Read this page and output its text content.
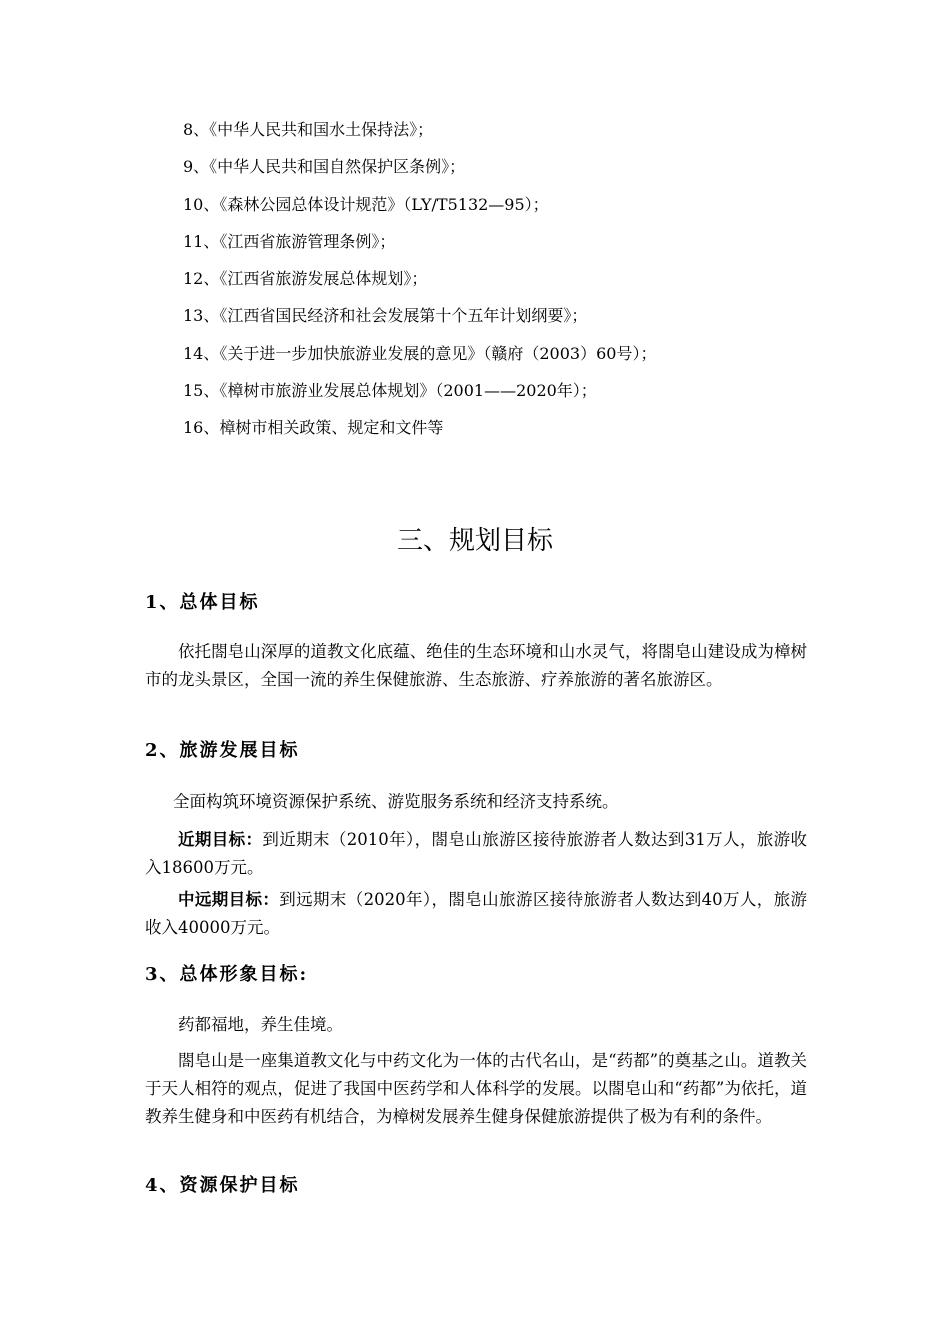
8、《中华人民共和国水土保持法》；
9、《中华人民共和国自然保护区条例》；
10、《森林公园总体设计规范》（LY/T5132—95）；
11、《江西省旅游管理条例》；
12、《江西省旅游发展总体规划》；
13、《江西省国民经济和社会发展第十个五年计划纲要》；
14、《关于进一步加快旅游业发展的意见》（赣府（2003）60号）；
15、《樟树市旅游业发展总体规划》（2001——2020年）；
16、樟树市相关政策、规定和文件等
三、规划目标
1、总体目标

依托閤皂山深厚的道教文化底蕴、绝佳的生态环境和山水灵气，将閤皂山建设成为樟树市的龙头景区，全国一流的养生保健旅游、生态旅游、疗养旅游的著名旅游区。

2、旅游发展目标

全面构筑环境资源保护系统、游览服务系统和经济支持系统。

近期目标：到近期末（2010年），閤皂山旅游区接待旅游者人数达到31万人，旅游收入18600万元。

中远期目标：到远期末（2020年），閤皂山旅游区接待旅游者人数达到40万人，旅游收入40000万元。

3、总体形象目标:

药都福地，养生佳境。

閤皂山是一座集道教文化与中药文化为一体的古代名山，是“药都”的奠基之山。道教关于天人相符的观点，促进了我国中医药学和人体科学的发展。以閤皂山和“药都”为依托，道教养生健身和中医药有机结合，为樟树发展养生健身保健旅游提供了极为有利的条件。

4、资源保护目标
